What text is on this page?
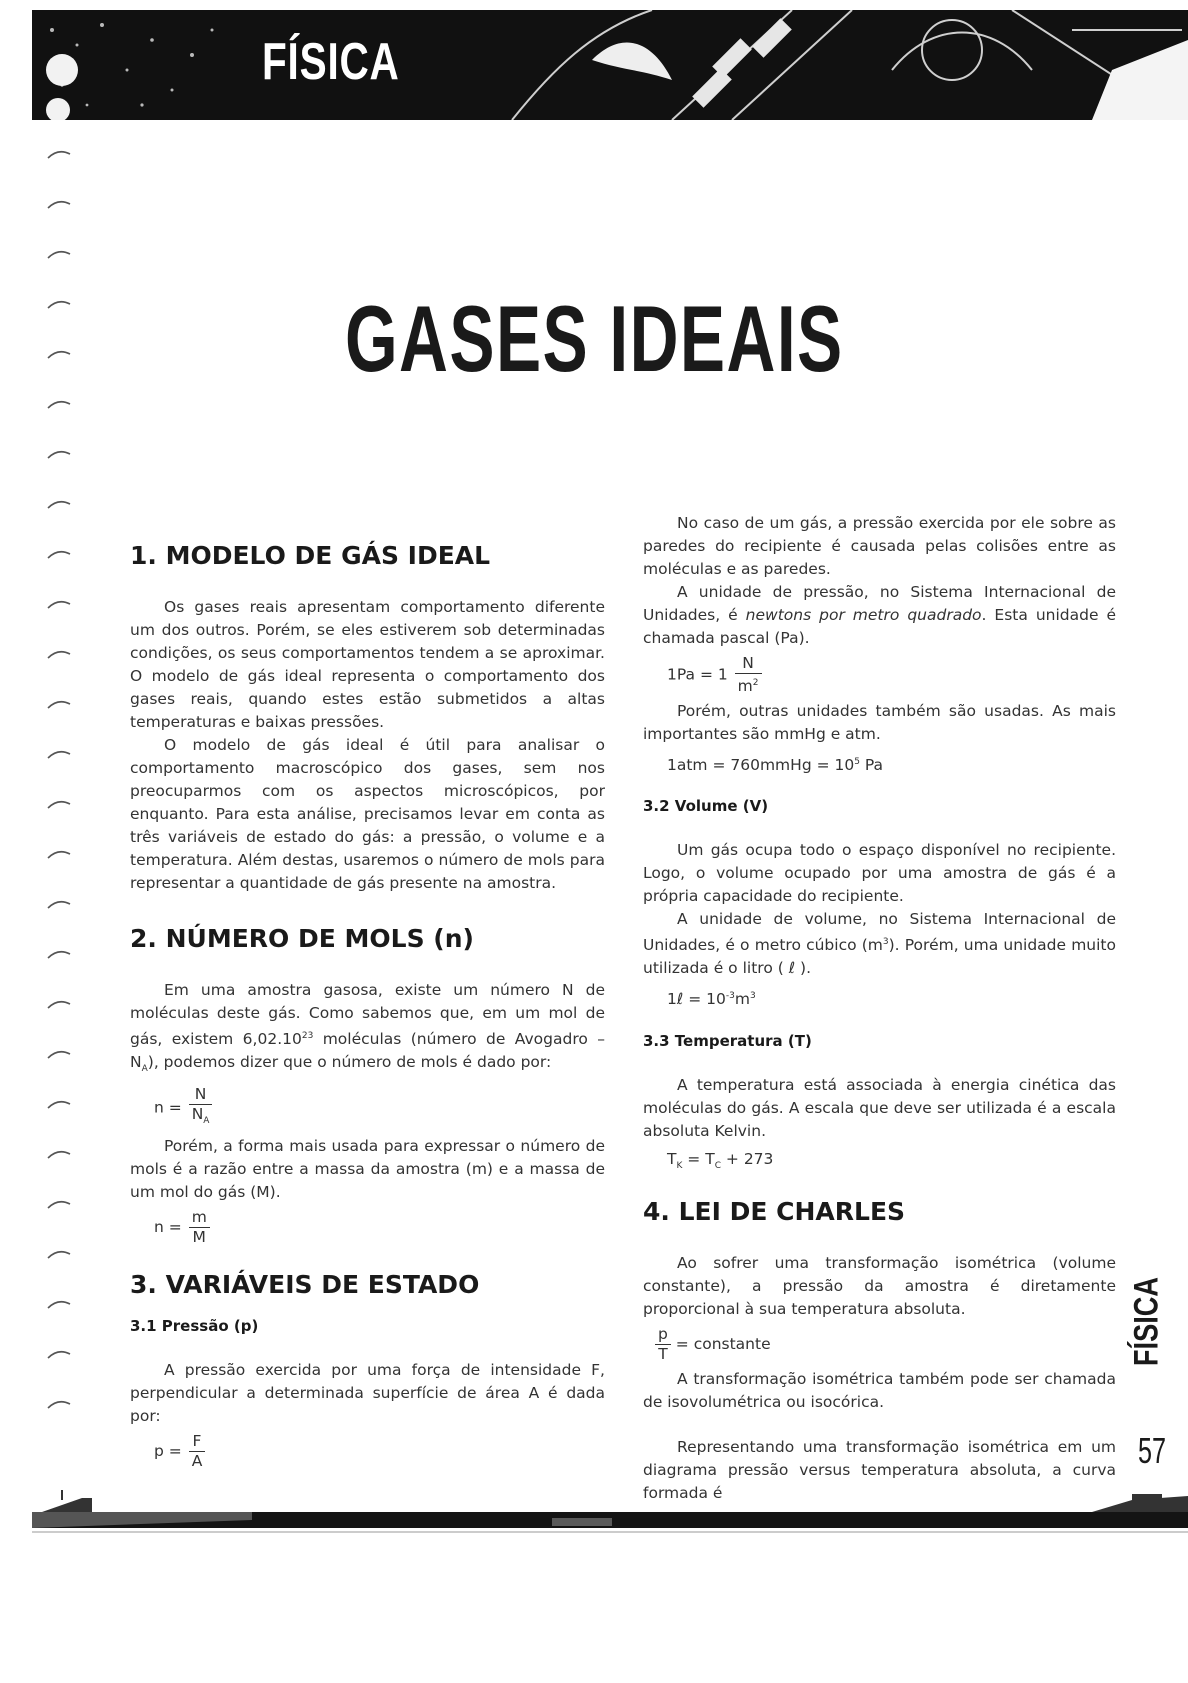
FÍSICA
GASES IDEAIS
1. MODELO DE GÁS IDEAL

Os gases reais apresentam comportamento diferente um dos outros. Porém, se eles estiverem sob determinadas condições, os seus comportamentos tendem a se aproximar. O modelo de gás ideal representa o comportamento dos gases reais, quando estes estão submetidos a altas temperaturas e baixas pressões.

O modelo de gás ideal é útil para analisar o comportamento macroscópico dos gases, sem nos preocuparmos com os aspectos microscópicos, por enquanto. Para esta análise, precisamos levar em conta as três variáveis de estado do gás: a pressão, o volume e a temperatura. Além destas, usaremos o número de mols para representar a quantidade de gás presente na amostra.

2. NÚMERO DE MOLS (n)

Em uma amostra gasosa, existe um número N de moléculas deste gás. Como sabemos que, em um mol de gás, existem 6,02.10$^{23}$ moléculas (número de Avogadro – $N_A$), podemos dizer que o número de mols é dado por:

$n = \frac{N}{N_A}$

Porém, a forma mais usada para expressar o número de mols é a razão entre a massa da amostra (m) e a massa de um mol do gás (M).

$n = \frac{m}{M}$
3. VARIÁVEIS DE ESTADO
3.1 Pressão (p)

A pressão exercida por uma força de intensidade F, perpendicular a determinada superfície de área A é dada por:

$p = \frac{F}{A}$

No caso de um gás, a pressão exercida por ele sobre as paredes do recipiente é causada pelas colisões entre as moléculas e as paredes.

A unidade de pressão, no Sistema Internacional de Unidades, é newtons por metro quadrado. Esta unidade é chamada pascal (Pa).

$1Pa = 1 \frac{N}{m^2}$

Porém, outras unidades também são usadas. As mais importantes são mmHg e atm.

1atm = 760mmHg = $10^5$ Pa
3.2 Volume (V)

Um gás ocupa todo o espaço disponível no recipiente. Logo, o volume ocupado por uma amostra de gás é a própria capacidade do recipiente.

A unidade de volume, no Sistema Internacional de Unidades, é o metro cúbico $(m^3)$. Porém, uma unidade muito utilizada é o litro ( ℓ ).

1ℓ = $10^{-3}m^3$
3.3 Temperatura (T)

A temperatura está associada à energia cinética das moléculas do gás. A escala que deve ser utilizada é a escala absoluta Kelvin.

$T_K = T_C + 273$
4. LEI DE CHARLES

Ao sofrer uma transformação isométrica (volume constante), a pressão da amostra é diretamente proporcional à sua temperatura absoluta.

$\frac{p}{T}$ = constante

A transformação isométrica também pode ser chamada de isovolumétrica ou isocórica.

Representando uma transformação isométrica em um diagrama pressão versus temperatura absoluta, a curva formada é

FÍSICA
57
